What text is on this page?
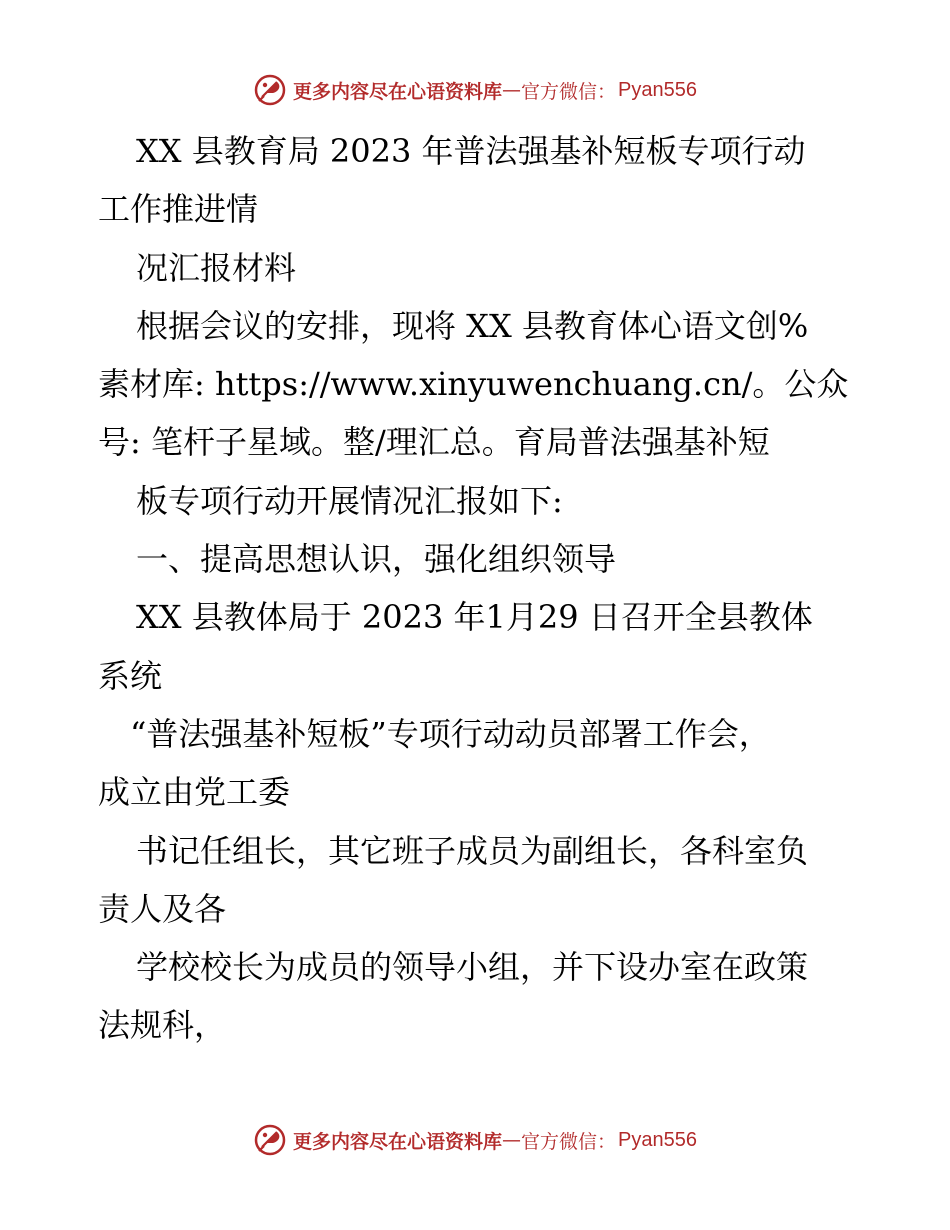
更多内容尽在心语资料库 — 官方微信： Pyan556
XX 县教育局 2023 年普法强基补短板专项行动
工作推进情
况汇报材料
根据会议的安排，现将 XX 县教育体心语文创%
素材库: https://www.xinyuwenchuang.cn/。公众
号: 笔杆子星域。整/理汇总。育局普法强基补短
板专项行动开展情况汇报如下:
一、提高思想认识，强化组织领导
XX 县教体局于 2023 年1月29 日召开全县教体
系统
“普法强基补短板”专项行动动员部署工作会，
成立由党工委
书记任组长，其它班子成员为副组长，各科室负
责人及各
学校校长为成员的领导小组，并下设办室在政策
法规科，
更多内容尽在心语资料库 — 官方微信： Pyan556
